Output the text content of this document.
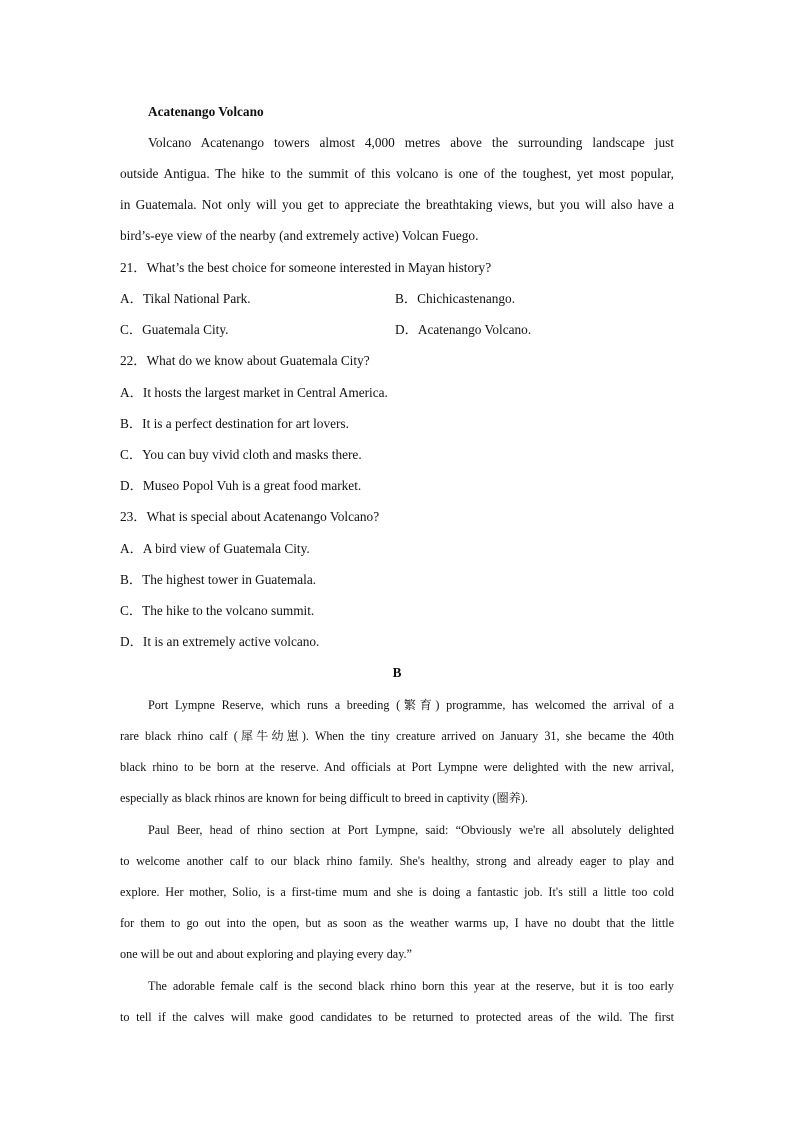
Acatenango Volcano
Volcano Acatenango towers almost 4,000 metres above the surrounding landscape just
outside Antigua. The hike to the summit of this volcano is one of the toughest, yet most popular,
in Guatemala. Not only will you get to appreciate the breathtaking views, but you will also have a
bird’s-eye view of the nearby (and extremely active) Volcan Fuego.
21．What’s the best choice for someone interested in Mayan history?
A．Tikal National Park.	B．Chichicastenango.
C．Guatemala City.	D．Acatenango Volcano.
22．What do we know about Guatemala City?
A．It hosts the largest market in Central America.
B．It is a perfect destination for art lovers.
C．You can buy vivid cloth and masks there.
D．Museo Popol Vuh is a great food market.
23．What is special about Acatenango Volcano?
A．A bird view of Guatemala City.
B．The highest tower in Guatemala.
C．The hike to the volcano summit.
D．It is an extremely active volcano.
B
Port Lympne Reserve, which runs a breeding (繁育) programme, has welcomed the arrival of a
rare black rhino calf (犀牛幼崽). When the tiny creature arrived on January 31, she became the 40th
black rhino to be born at the reserve. And officials at Port Lympne were delighted with the new arrival,
especially as black rhinos are known for being difficult to breed in captivity (圈养).
Paul Beer, head of rhino section at Port Lympne, said: “Obviously we're all absolutely delighted
to welcome another calf to our black rhino family. She's healthy, strong and already eager to play and
explore. Her mother, Solio, is a first-time mum and she is doing a fantastic job. It's still a little too cold
for them to go out into the open, but as soon as the weather warms up, I have no doubt that the little
one will be out and about exploring and playing every day.”
The adorable female calf is the second black rhino born this year at the reserve, but it is too early
to tell if the calves will make good candidates to be returned to protected areas of the wild. The first
